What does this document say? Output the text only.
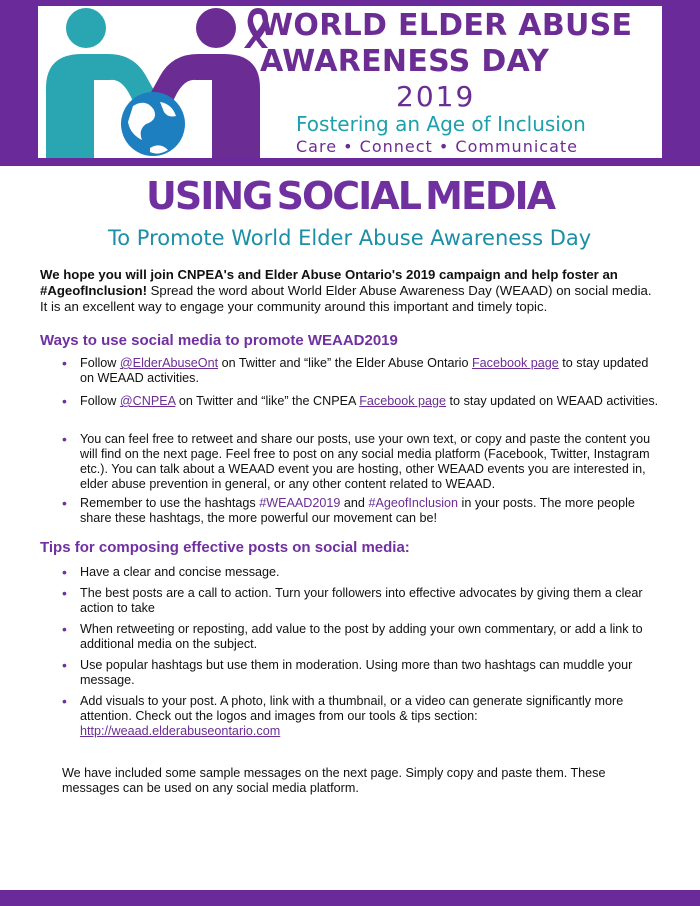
WORLD ELDER ABUSE
AWARENESS DAY
2019
Fostering an Age of Inclusion
Care • Connect • Communicate
USING SOCIAL MEDIA
To Promote World Elder Abuse Awareness Day
We hope you will join CNPEA's and Elder Abuse Ontario's 2019 campaign and help foster an #AgeofInclusion! Spread the word about World Elder Abuse Awareness Day (WEAAD) on social media. It is an excellent way to engage your community around this important and timely topic.
Ways to use social media to promote WEAAD2019
• Follow @ElderAbuseOnt on Twitter and “like” the Elder Abuse Ontario Facebook page to stay updated on WEAAD activities.
• Follow @CNPEA on Twitter and “like” the CNPEA Facebook page to stay updated on WEAAD activities.
• You can feel free to retweet and share our posts, use your own text, or copy and paste the content you will find on the next page. Feel free to post on any social media platform (Facebook, Twitter, Instagram etc.). You can talk about a WEAAD event you are hosting, other WEAAD events you are interested in, elder abuse prevention in general, or any other content related to WEAAD.
• Remember to use the hashtags #WEAAD2019 and #AgeofInclusion in your posts. The more people share these hashtags, the more powerful our movement can be!
Tips for composing effective posts on social media:
• Have a clear and concise message.
• The best posts are a call to action. Turn your followers into effective advocates by giving them a clear action to take
• When retweeting or reposting, add value to the post by adding your own commentary, or add a link to additional media on the subject.
• Use popular hashtags but use them in moderation. Using more than two hashtags can muddle your message.
• Add visuals to your post. A photo, link with a thumbnail, or a video can generate significantly more attention. Check out the logos and images from our tools & tips section: http://weaad.elderabuseontario.com
We have included some sample messages on the next page. Simply copy and paste them. These messages can be used on any social media platform.
